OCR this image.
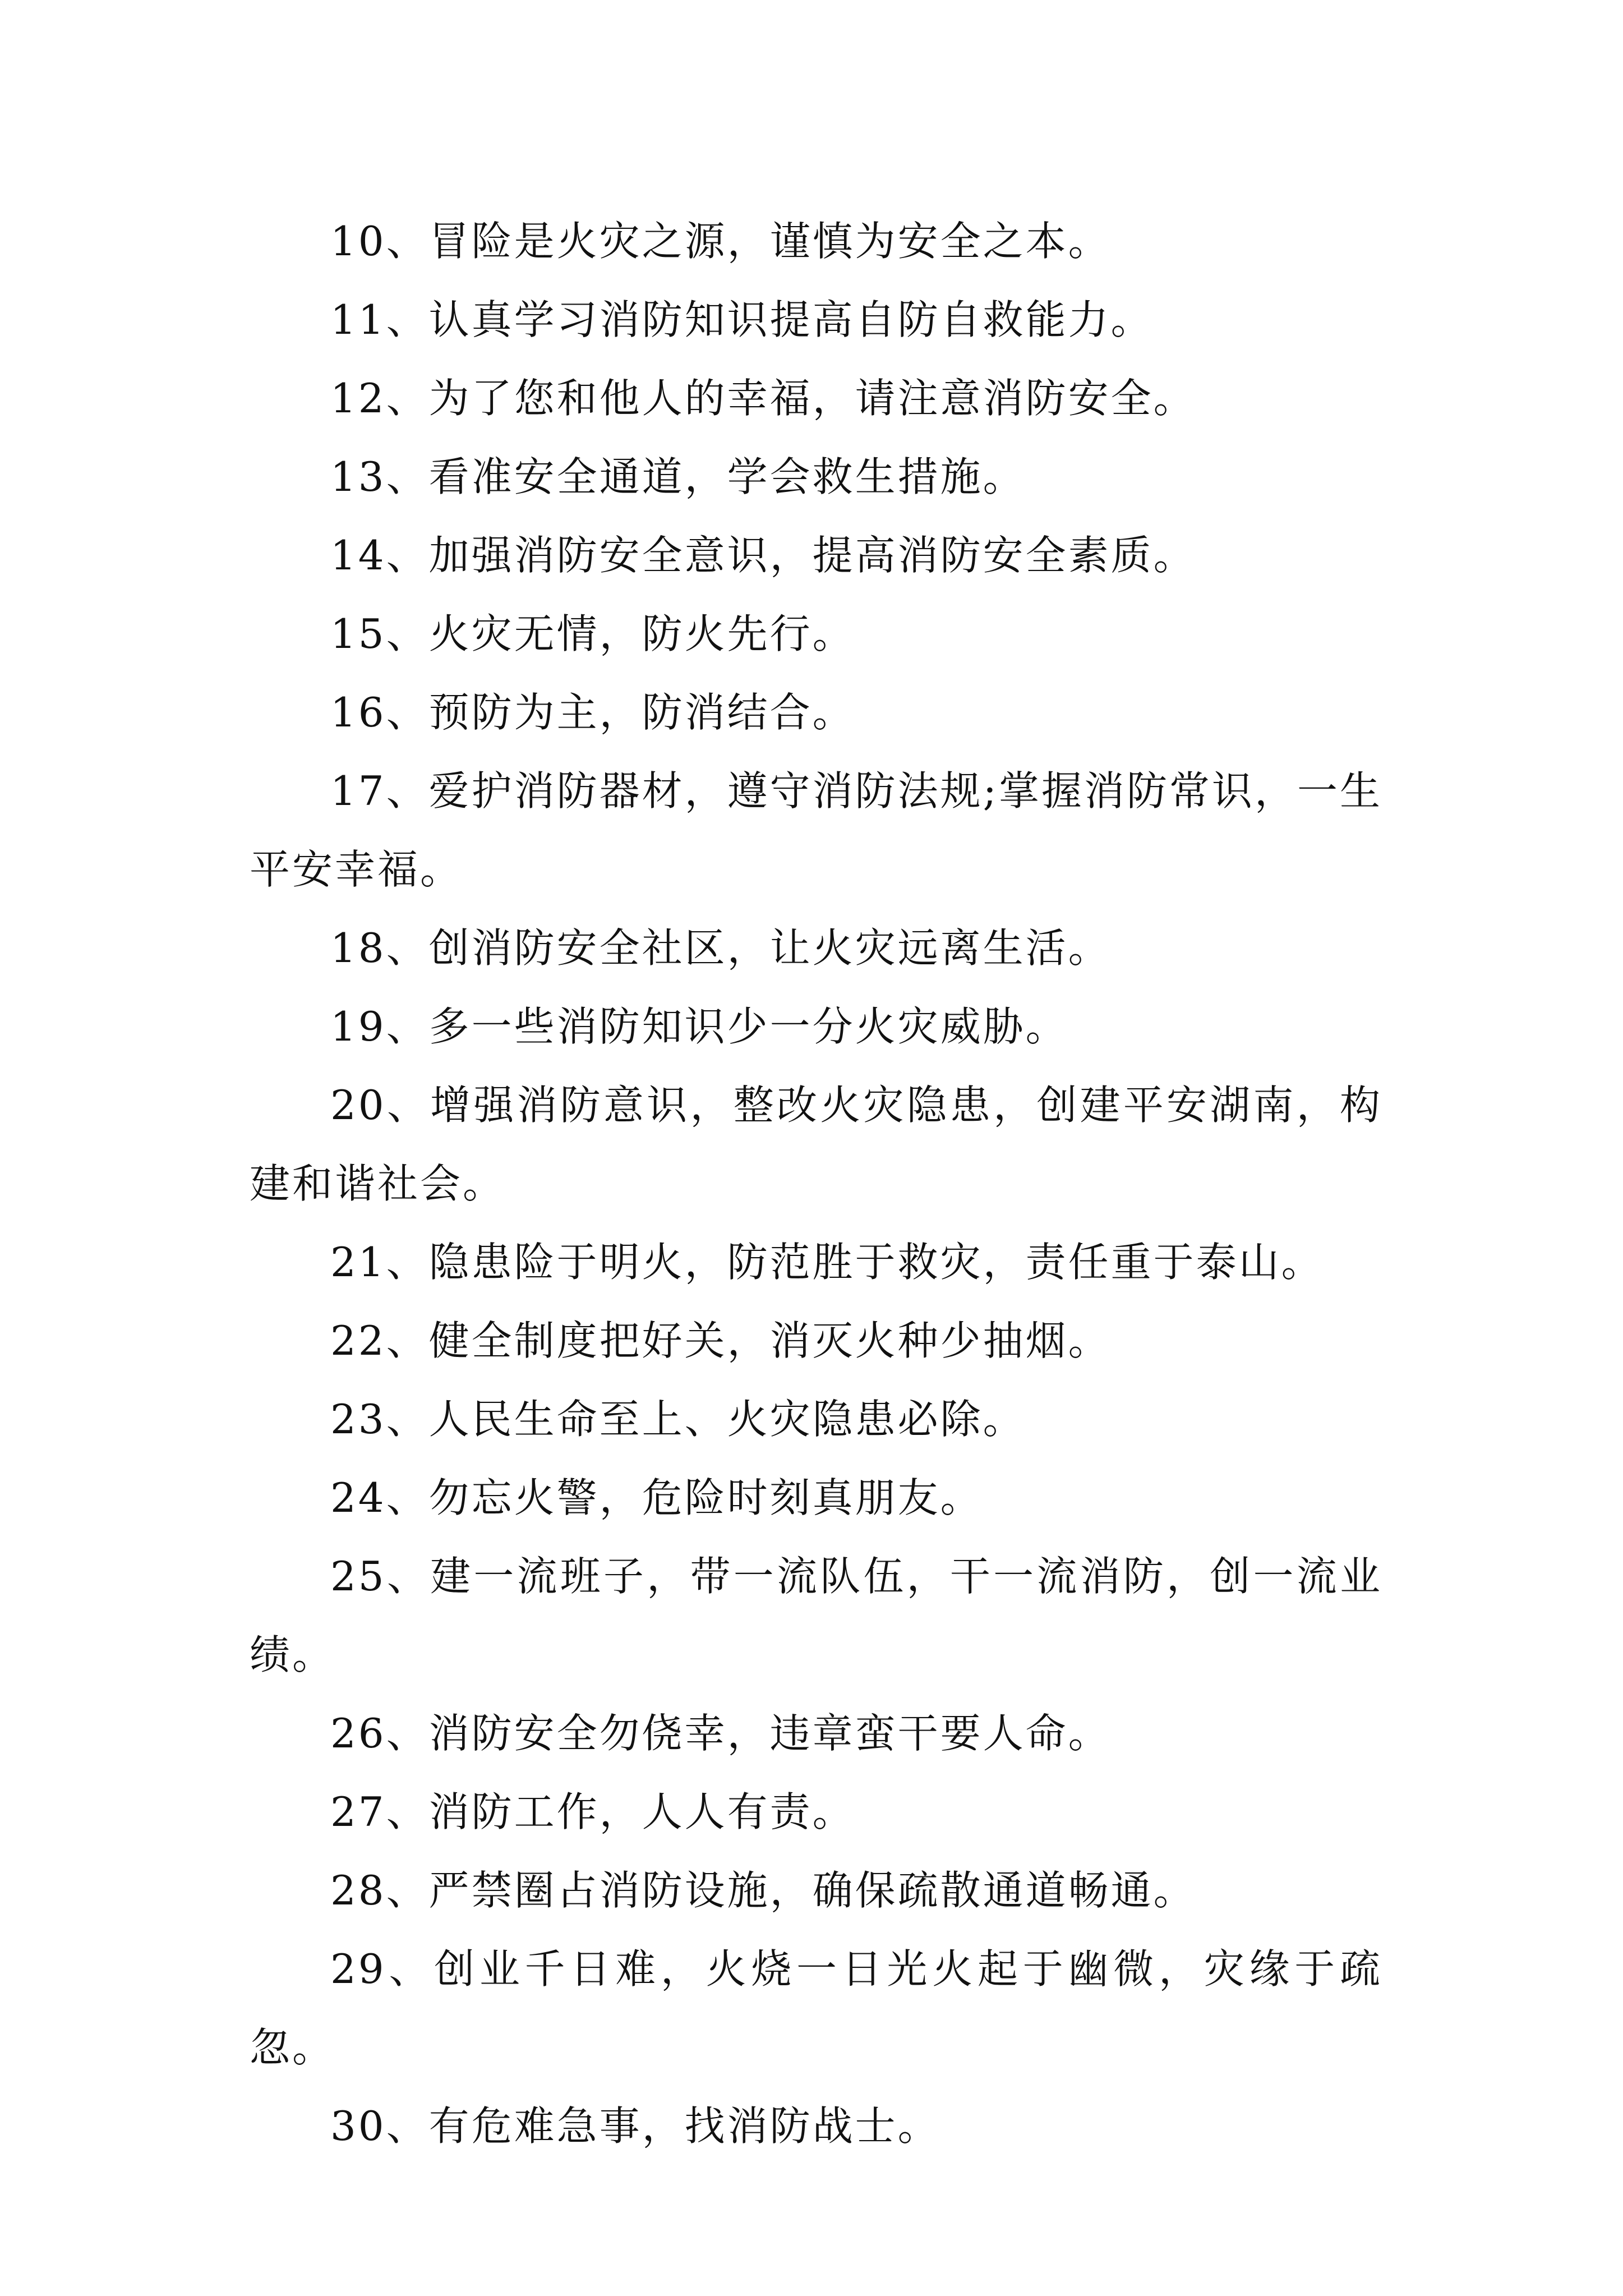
10、冒险是火灾之源，谨慎为安全之本。

11、认真学习消防知识提高自防自救能力。

12、为了您和他人的幸福，请注意消防安全。

13、看准安全通道，学会救生措施。

14、加强消防安全意识，提高消防安全素质。

15、火灾无情，防火先行。

16、预防为主，防消结合。

17、爱护消防器材，遵守消防法规;掌握消防常识，一生平安幸福。

18、创消防安全社区，让火灾远离生活。

19、多一些消防知识少一分火灾威胁。

20、增强消防意识，整改火灾隐患，创建平安湖南，构建和谐社会。

21、隐患险于明火，防范胜于救灾，责任重于泰山。

22、健全制度把好关，消灭火种少抽烟。

23、人民生命至上、火灾隐患必除。

24、勿忘火警，危险时刻真朋友。

25、建一流班子，带一流队伍，干一流消防，创一流业绩。

26、消防安全勿侥幸，违章蛮干要人命。

27、消防工作，人人有责。

28、严禁圈占消防设施，确保疏散通道畅通。

29、创业千日难，火烧一日光火起于幽微，灾缘于疏忽。

30、有危难急事，找消防战士。
